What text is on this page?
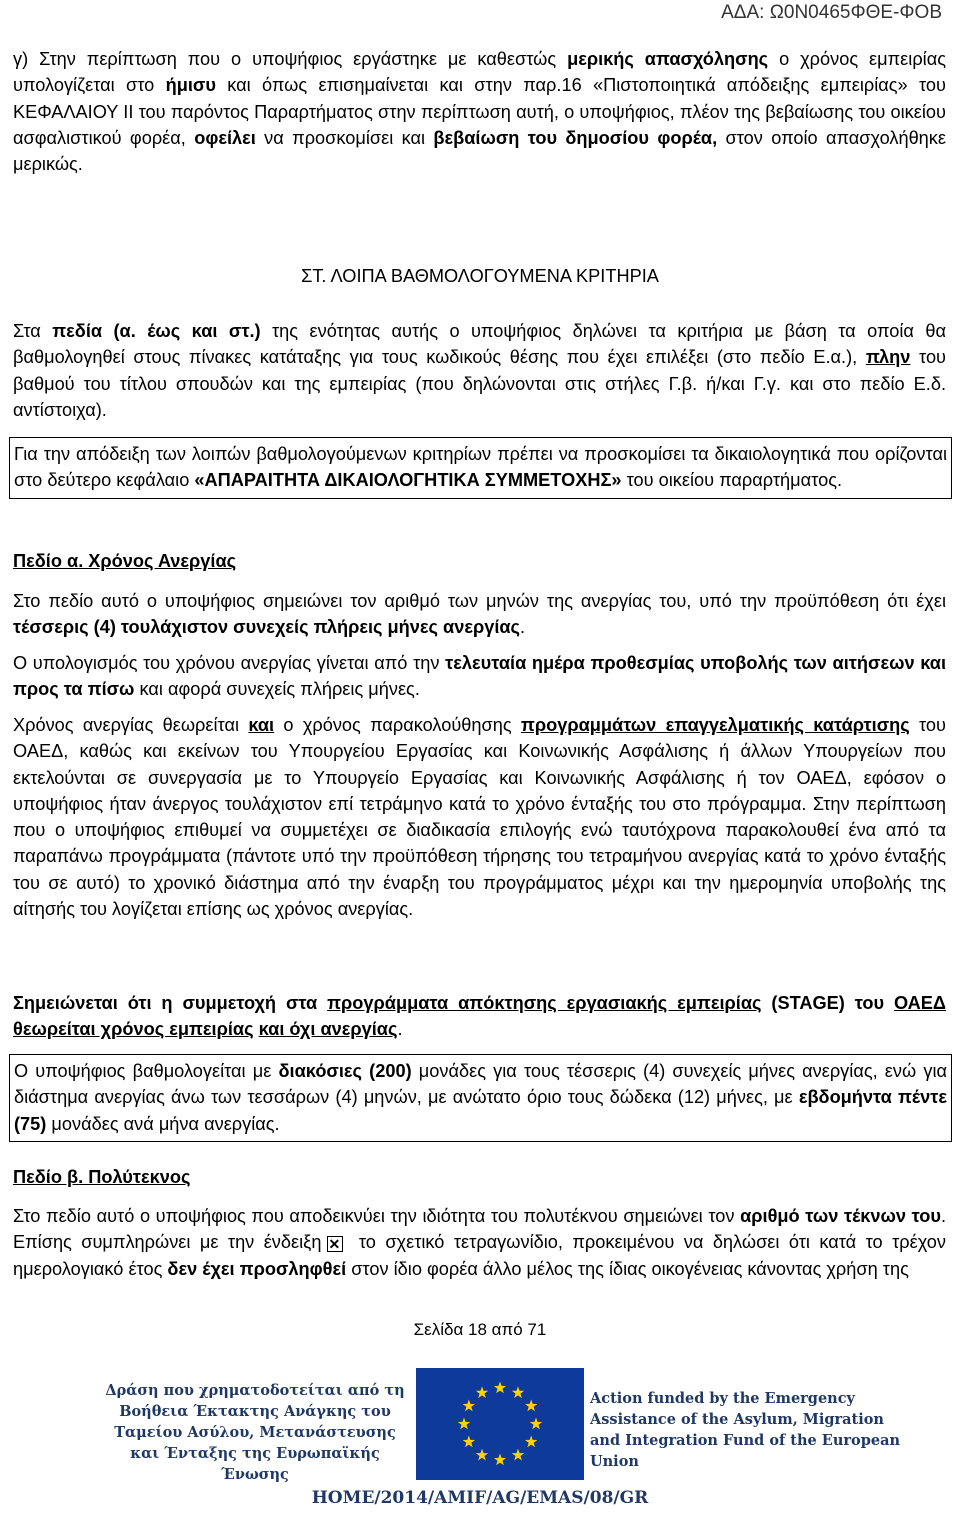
ΑΔΑ: Ω0Ν0465ΦΘΕ-ΦΟΒ

γ) Στην περίπτωση που ο υποψήφιος εργάστηκε με καθεστώς μερικής απασχόλησης ο χρόνος εμπειρίας υπολογίζεται στο ήμισυ και όπως επισημαίνεται και στην παρ.16 «Πιστοποιητικά απόδειξης εμπειρίας» του ΚΕΦΑΛΑΙΟΥ ΙΙ του παρόντος Παραρτήματος στην περίπτωση αυτή, ο υποψήφιος, πλέον της βεβαίωσης του οικείου ασφαλιστικού φορέα, οφείλει να προσκομίσει και βεβαίωση του δημοσίου φορέα, στον οποίο απασχολήθηκε μερικώς.

ΣΤ. ΛΟΙΠΑ ΒΑΘΜΟΛΟΓΟΥΜΕΝΑ ΚΡΙΤΗΡΙΑ

Στα πεδία (α. έως και στ.) της ενότητας αυτής ο υποψήφιος δηλώνει τα κριτήρια με βάση τα οποία θα βαθμολογηθεί στους πίνακες κατάταξης για τους κωδικούς θέσης που έχει επιλέξει (στο πεδίο Ε.α.), πλην του βαθμού του τίτλου σπουδών και της εμπειρίας (που δηλώνονται στις στήλες Γ.β. ή/και Γ.γ. και στο πεδίο Ε.δ. αντίστοιχα).

Για την απόδειξη των λοιπών βαθμολογούμενων κριτηρίων πρέπει να προσκομίσει τα δικαιολογητικά που ορίζονται στο δεύτερο κεφάλαιο «ΑΠΑΡΑΙΤΗΤΑ ΔΙΚΑΙΟΛΟΓΗΤΙΚΑ ΣΥΜΜΕΤΟΧΗΣ» του οικείου παραρτήματος.

Πεδίο α. Χρόνος Ανεργίας

Στο πεδίο αυτό ο υποψήφιος σημειώνει τον αριθμό των μηνών της ανεργίας του, υπό την προϋπόθεση ότι έχει τέσσερις (4) τουλάχιστον συνεχείς πλήρεις μήνες ανεργίας.

Ο υπολογισμός του χρόνου ανεργίας γίνεται από την τελευταία ημέρα προθεσμίας υποβολής των αιτήσεων και προς τα πίσω και αφορά συνεχείς πλήρεις μήνες.

Χρόνος ανεργίας θεωρείται και ο χρόνος παρακολούθησης προγραμμάτων επαγγελματικής κατάρτισης του ΟΑΕΔ, καθώς και εκείνων του Υπουργείου Εργασίας και Κοινωνικής Ασφάλισης ή άλλων Υπουργείων που εκτελούνται σε συνεργασία με το Υπουργείο Εργασίας και Κοινωνικής Ασφάλισης ή τον ΟΑΕΔ, εφόσον ο υποψήφιος ήταν άνεργος τουλάχιστον επί τετράμηνο κατά το χρόνο ένταξής του στο πρόγραμμα. Στην περίπτωση που ο υποψήφιος επιθυμεί να συμμετέχει σε διαδικασία επιλογής ενώ ταυτόχρονα παρακολουθεί ένα από τα παραπάνω προγράμματα (πάντοτε υπό την προϋπόθεση τήρησης του τετραμήνου ανεργίας κατά το χρόνο ένταξής του σε αυτό) το χρονικό διάστημα από την έναρξη του προγράμματος μέχρι και την ημερομηνία υποβολής της αίτησής του λογίζεται επίσης ως χρόνος ανεργίας.

Σημειώνεται ότι η συμμετοχή στα προγράμματα απόκτησης εργασιακής εμπειρίας (STAGE) του ΟΑΕΔ θεωρείται χρόνος εμπειρίας και όχι ανεργίας.

Ο υποψήφιος βαθμολογείται με διακόσιες (200) μονάδες για τους τέσσερις (4) συνεχείς μήνες ανεργίας, ενώ για διάστημα ανεργίας άνω των τεσσάρων (4) μηνών, με ανώτατο όριο τους δώδεκα (12) μήνες, με εβδομήντα πέντε (75) μονάδες ανά μήνα ανεργίας.

Πεδίο β. Πολύτεκνος

Στο πεδίο αυτό ο υποψήφιος που αποδεικνύει την ιδιότητα του πολυτέκνου σημειώνει τον αριθμό των τέκνων του. Επίσης συμπληρώνει με την ένδειξη ✕ το σχετικό τετραγωνίδιο, προκειμένου να δηλώσει ότι κατά το τρέχον ημερολογιακό έτος δεν έχει προσληφθεί στον ίδιο φορέα άλλο μέλος της ίδιας οικογένειας κάνοντας χρήση της

Σελίδα 18 από 71
Δράση που χρηματοδοτείται από τη Βοήθεια Έκτακτης Ανάγκης του Ταμείου Ασύλου, Μετανάστευσης και Ένταξης της Ευρωπαϊκής Ένωσης
Action funded by the Emergency Assistance of the Asylum, Migration and Integration Fund of the European Union
HOME/2014/AMIF/AG/EMAS/08/GR
